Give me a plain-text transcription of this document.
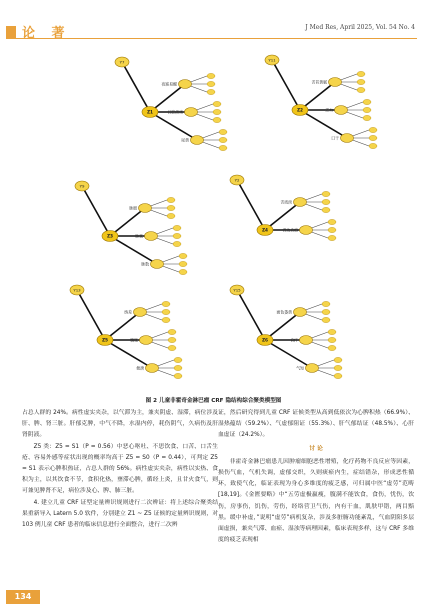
论 著	J Med Res, April 2025, Vol. 54 No. 4
Z1
Y7
夜寐易醒
口腔溃疡
尿黄
Z2
Y11
舌苔黄腻
乏力
口干
Z3
Y9
脉细
脉弦
脉数
Z4
Y2
舌质淡
舌边齿痕
Z5
Y13
纳差
腹胀
便溏
Z6
Y15
面色萎黄
自汗
气短
图 2 儿童非霍奇金淋巴瘤 CRF 隐结构综合聚类模型图

占总人群的 24%。病性虚实夹杂，以气滞为主，兼夹阴虚、湿滞，病位涉及肝、脾、肾三脏。肝郁克脾，中气不降，水湿内停，耗伤阴气，久病伤及肝肾阴液。

Z5 类：Z5 = S1（P = 0.56）中恶心呕吐、不思饮食、口苦、口舌生疮、容易外感等症状出现的概率均高于 Z5 = S0（P = 0.44），可判定 Z5 = S1 表示心脾积热证，占总人群的 56%。病性虚实夹杂，病性以实热、食积为主，以其饮食不节，食积化热，壅滞心脾，循经上炎，且甘火食气，则可兼见脾肾不足，病位涉及心、脾、肺三脏。

4. 建立儿童 CRF 证型定量辨识规则进行二次辨证：将上述综合聚类结果重新导入 Latern 5.0 软件，分别建立 Z1 ~ Z5 证候的定量辨识规则，对 103 例儿童 CRF 患者的临床信息进行全面整合，进行二次辨

证，然后研究得到儿童 CRF 证候类型从高到低依次为心脾积热（66.9%）、湿热蕴结（59.2%）、气虚郁阻证（55.3%）、肝气郁结证（48.5%）、心肝血虚证（24.2%）。

讨 论

非霍奇金淋巴瘤患儿因肿瘤细胞恶性增殖，化疗药物不良反应等因素，损伤气血，气机失调，虚郁交织，久则痰瘀内生，症结错杂，形成恶性循环，致使气化，临证表现为身心多维度的疲乏感，可归属中医“虚劳”范畴 [18,19]。《金匮要略》中“五劳虚极羸瘦，腹满不能饮食，食伤，忧伤，饮伤，房事伤，饥伤，劳伤，经络营卫气伤，内有干血，肌肤甲错，两目黯黑。缓中补虚，”说明“虚劳”病机复杂，涉及多脏腑功能紊乱，气血阴阳多层面虚损，兼夹气滞、血瘀、湿浊等病理因素，临床表现多样，这与 CRF 多维度的疲乏表现相

134
